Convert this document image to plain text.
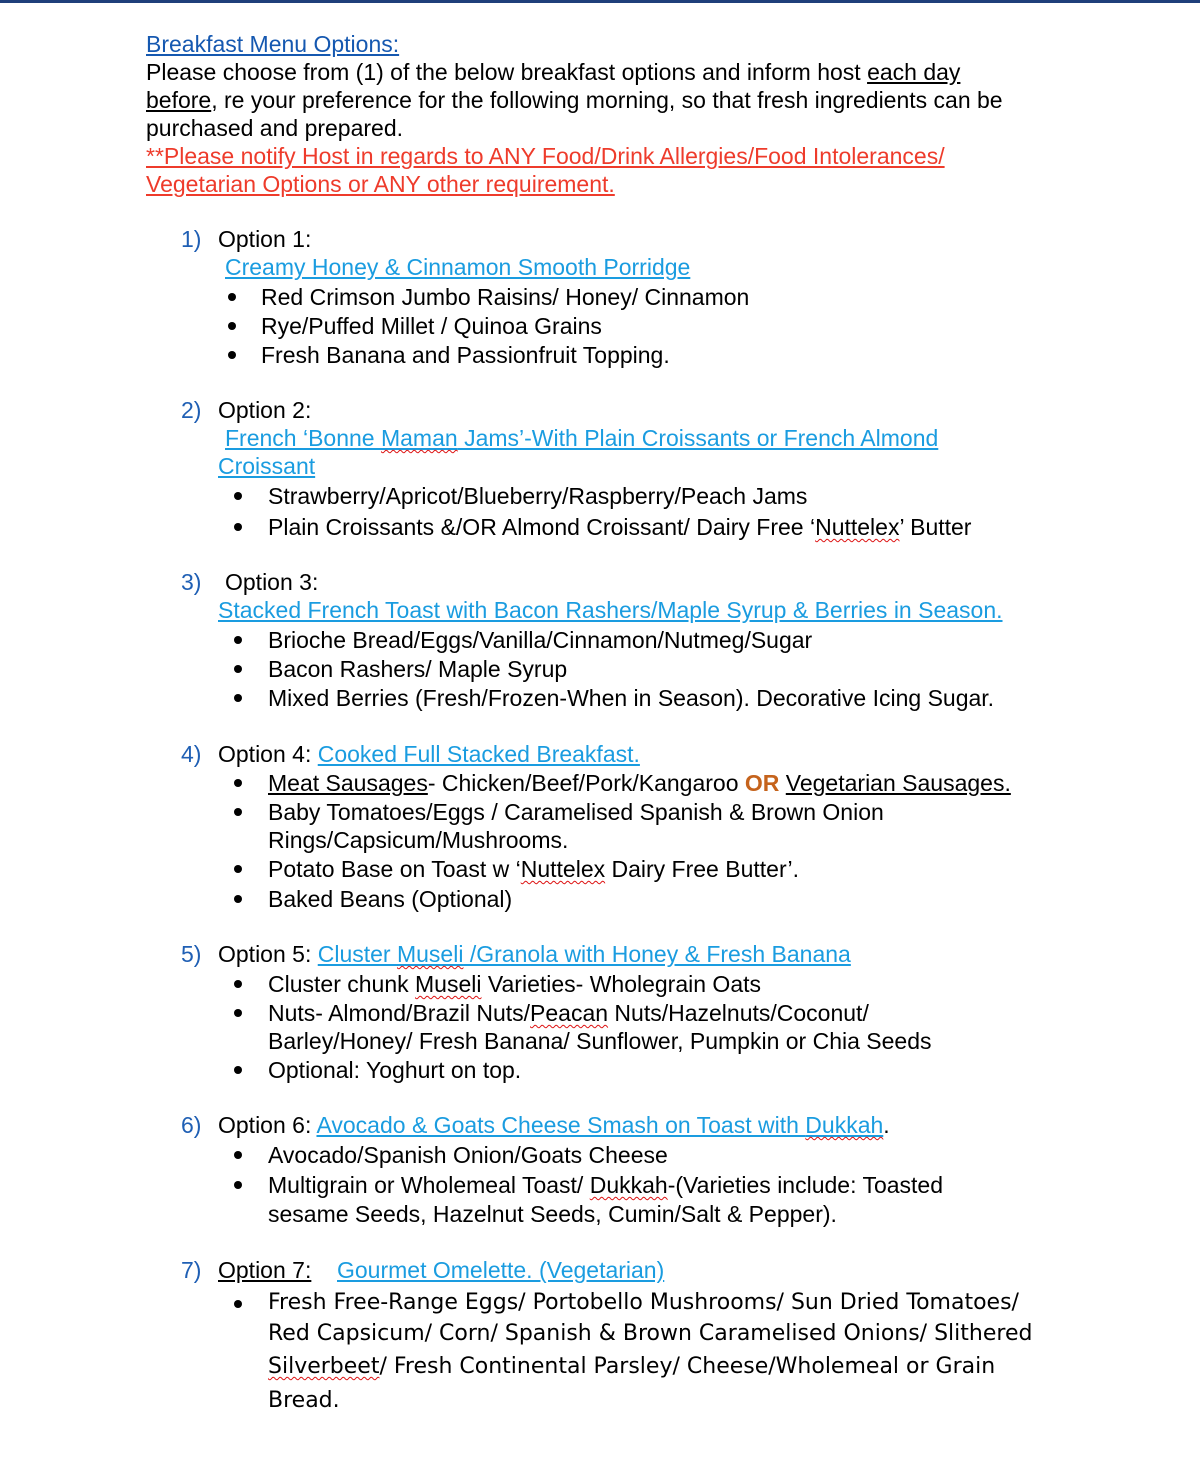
Breakfast Menu Options:
Please choose from (1) of the below breakfast options and inform host each day
before, re your preference for the following morning, so that fresh ingredients can be
purchased and prepared.
**Please notify Host in regards to ANY Food/Drink Allergies/Food Intolerances/
Vegetarian Options or ANY other requirement.
1) Option 1:
Creamy Honey & Cinnamon Smooth Porridge
Red Crimson Jumbo Raisins/ Honey/ Cinnamon
Rye/Puffed Millet / Quinoa Grains
Fresh Banana and Passionfruit Topping.
2) Option 2:
French ‘Bonne Maman Jams’-With Plain Croissants or French Almond
Croissant
Strawberry/Apricot/Blueberry/Raspberry/Peach Jams
Plain Croissants &/OR Almond Croissant/ Dairy Free ‘Nuttelex’ Butter
3) Option 3:
Stacked French Toast with Bacon Rashers/Maple Syrup & Berries in Season.
Brioche Bread/Eggs/Vanilla/Cinnamon/Nutmeg/Sugar
Bacon Rashers/ Maple Syrup
Mixed Berries (Fresh/Frozen-When in Season). Decorative Icing Sugar.
4) Option 4: Cooked Full Stacked Breakfast.
Meat Sausages- Chicken/Beef/Pork/Kangaroo OR Vegetarian Sausages.
Baby Tomatoes/Eggs / Caramelised Spanish & Brown Onion
Rings/Capsicum/Mushrooms.
Potato Base on Toast w ‘Nuttelex Dairy Free Butter’.
Baked Beans (Optional)
5) Option 5: Cluster Museli /Granola with Honey & Fresh Banana
Cluster chunk Museli Varieties- Wholegrain Oats
Nuts- Almond/Brazil Nuts/Peacan Nuts/Hazelnuts/Coconut/
Barley/Honey/ Fresh Banana/ Sunflower, Pumpkin or Chia Seeds
Optional: Yoghurt on top.
6) Option 6: Avocado & Goats Cheese Smash on Toast with Dukkah.
Avocado/Spanish Onion/Goats Cheese
Multigrain or Wholemeal Toast/ Dukkah-(Varieties include: Toasted
sesame Seeds, Hazelnut Seeds, Cumin/Salt & Pepper).
7) Option 7: Gourmet Omelette. (Vegetarian)
Fresh Free-Range Eggs/ Portobello Mushrooms/ Sun Dried Tomatoes/
Red Capsicum/ Corn/ Spanish & Brown Caramelised Onions/ Slithered
Silverbeet/ Fresh Continental Parsley/ Cheese/Wholemeal or Grain
Bread.
